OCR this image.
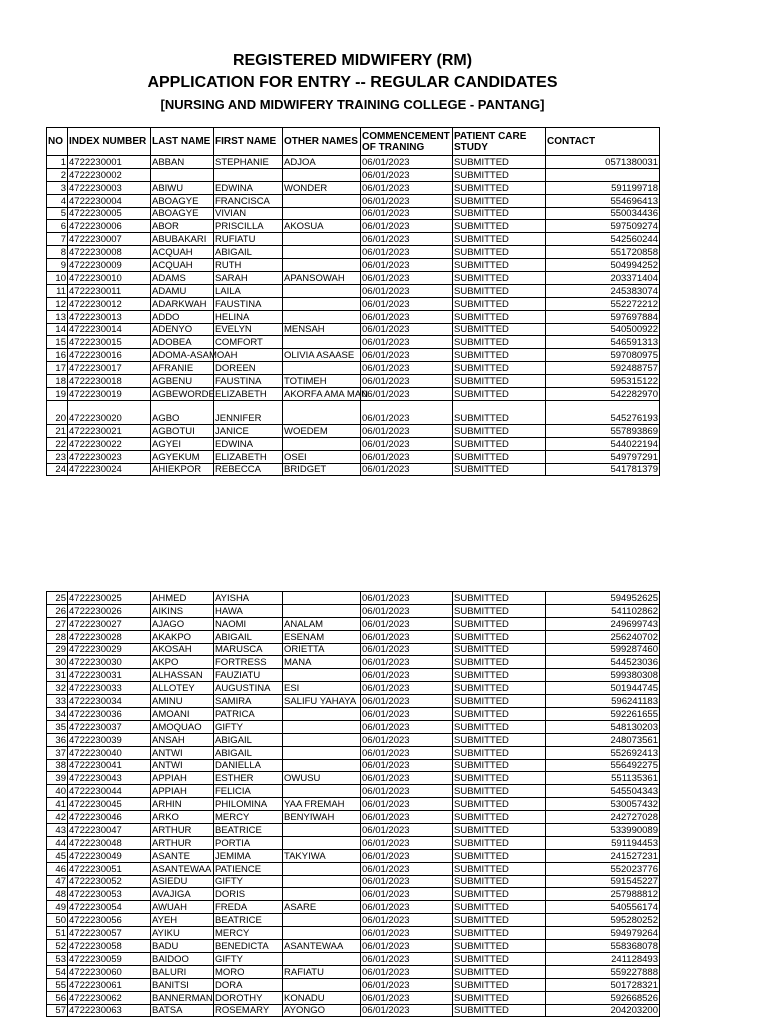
REGISTERED MIDWIFERY (RM)
APPLICATION FOR ENTRY -- REGULAR CANDIDATES
[NURSING AND MIDWIFERY TRAINING COLLEGE - PANTANG]
NO	INDEX NUMBER	LAST NAME	FIRST NAME	OTHER NAMES	COMMENCEMENT OF TRANING	PATIENT CARE STUDY	CONTACT
1	4722230001	ABBAN	STEPHANIE	ADJOA	06/01/2023	SUBMITTED	0571380031
2	4722230002				06/01/2023	SUBMITTED	
3	4722230003	ABIWU	EDWINA	WONDER	06/01/2023	SUBMITTED	591199718
4	4722230004	ABOAGYE	FRANCISCA		06/01/2023	SUBMITTED	554696413
5	4722230005	ABOAGYE	VIVIAN		06/01/2023	SUBMITTED	550034436
6	4722230006	ABOR	PRISCILLA	AKOSUA	06/01/2023	SUBMITTED	597509274
7	4722230007	ABUBAKARI	RUFIATU		06/01/2023	SUBMITTED	542560244
8	4722230008	ACQUAH	ABIGAIL		06/01/2023	SUBMITTED	551720858
9	4722230009	ACQUAH	RUTH		06/01/2023	SUBMITTED	504994252
10	4722230010	ADAMS	SARAH	APANSOWAH	06/01/2023	SUBMITTED	203371404
11	4722230011	ADAMU	LAILA		06/01/2023	SUBMITTED	245383074
12	4722230012	ADARKWAH	FAUSTINA		06/01/2023	SUBMITTED	552272212
13	4722230013	ADDO	HELINA		06/01/2023	SUBMITTED	597697884
14	4722230014	ADENYO	EVELYN	MENSAH	06/01/2023	SUBMITTED	540500922
15	4722230015	ADOBEA	COMFORT		06/01/2023	SUBMITTED	546591313
16	4722230016	ADOMA-ASAMOAH		OLIVIA ASAASE	06/01/2023	SUBMITTED	597080975
17	4722230017	AFRANIE	DOREEN		06/01/2023	SUBMITTED	592488757
18	4722230018	AGBENU	FAUSTINA	TOTIMEH	06/01/2023	SUBMITTED	595315122
19	4722230019	AGBEWORDE	ELIZABETH	AKORFA AMA MAN	06/01/2023	SUBMITTED	542282970
20	4722230020	AGBO	JENNIFER		06/01/2023	SUBMITTED	545276193
21	4722230021	AGBOTUI	JANICE	WOEDEM	06/01/2023	SUBMITTED	557893869
22	4722230022	AGYEI	EDWINA		06/01/2023	SUBMITTED	544022194
23	4722230023	AGYEKUM	ELIZABETH	OSEI	06/01/2023	SUBMITTED	549797291
24	4722230024	AHIEKPOR	REBECCA	BRIDGET	06/01/2023	SUBMITTED	541781379
25	4722230025	AHMED	AYISHA		06/01/2023	SUBMITTED	594952625
26	4722230026	AIKINS	HAWA		06/01/2023	SUBMITTED	541102862
27	4722230027	AJAGO	NAOMI	ANALAM	06/01/2023	SUBMITTED	249699743
28	4722230028	AKAKPO	ABIGAIL	ESENAM	06/01/2023	SUBMITTED	256240702
29	4722230029	AKOSAH	MARUSCA	ORIETTA	06/01/2023	SUBMITTED	599287460
30	4722230030	AKPO	FORTRESS	MANA	06/01/2023	SUBMITTED	544523036
31	4722230031	ALHASSAN	FAUZIATU		06/01/2023	SUBMITTED	599380308
32	4722230033	ALLOTEY	AUGUSTINA	ESI	06/01/2023	SUBMITTED	501944745
33	4722230034	AMINU	SAMIRA	SALIFU YAHAYA	06/01/2023	SUBMITTED	596241183
34	4722230036	AMOANI	PATRICA		06/01/2023	SUBMITTED	592261655
35	4722230037	AMOQUAO	GIFTY		06/01/2023	SUBMITTED	548130203
36	4722230039	ANSAH	ABIGAIL		06/01/2023	SUBMITTED	248073561
37	4722230040	ANTWI	ABIGAIL		06/01/2023	SUBMITTED	552692413
38	4722230041	ANTWI	DANIELLA		06/01/2023	SUBMITTED	556492275
39	4722230043	APPIAH	ESTHER	OWUSU	06/01/2023	SUBMITTED	551135361
40	4722230044	APPIAH	FELICIA		06/01/2023	SUBMITTED	545504343
41	4722230045	ARHIN	PHILOMINA	YAA FREMAH	06/01/2023	SUBMITTED	530057432
42	4722230046	ARKO	MERCY	BENYIWAH	06/01/2023	SUBMITTED	242727028
43	4722230047	ARTHUR	BEATRICE		06/01/2023	SUBMITTED	533990089
44	4722230048	ARTHUR	PORTIA		06/01/2023	SUBMITTED	591194453
45	4722230049	ASANTE	JEMIMA	TAKYIWA	06/01/2023	SUBMITTED	241527231
46	4722230051	ASANTEWAA	PATIENCE		06/01/2023	SUBMITTED	552023776
47	4722230052	ASIEDU	GIFTY		06/01/2023	SUBMITTED	591545227
48	4722230053	AVAJIGA	DORIS		06/01/2023	SUBMITTED	257988812
49	4722230054	AWUAH	FREDA	ASARE	06/01/2023	SUBMITTED	540556174
50	4722230056	AYEH	BEATRICE		06/01/2023	SUBMITTED	595280252
51	4722230057	AYIKU	MERCY		06/01/2023	SUBMITTED	594979264
52	4722230058	BADU	BENEDICTA	ASANTEWAA	06/01/2023	SUBMITTED	558368078
53	4722230059	BAIDOO	GIFTY		06/01/2023	SUBMITTED	241128493
54	4722230060	BALURI	MORO	RAFIATU	06/01/2023	SUBMITTED	559227888
55	4722230061	BANITSI	DORA		06/01/2023	SUBMITTED	501728321
56	4722230062	BANNERMAN	DOROTHY	KONADU	06/01/2023	SUBMITTED	592668526
57	4722230063	BATSA	ROSEMARY	AYONGO	06/01/2023	SUBMITTED	204203200
